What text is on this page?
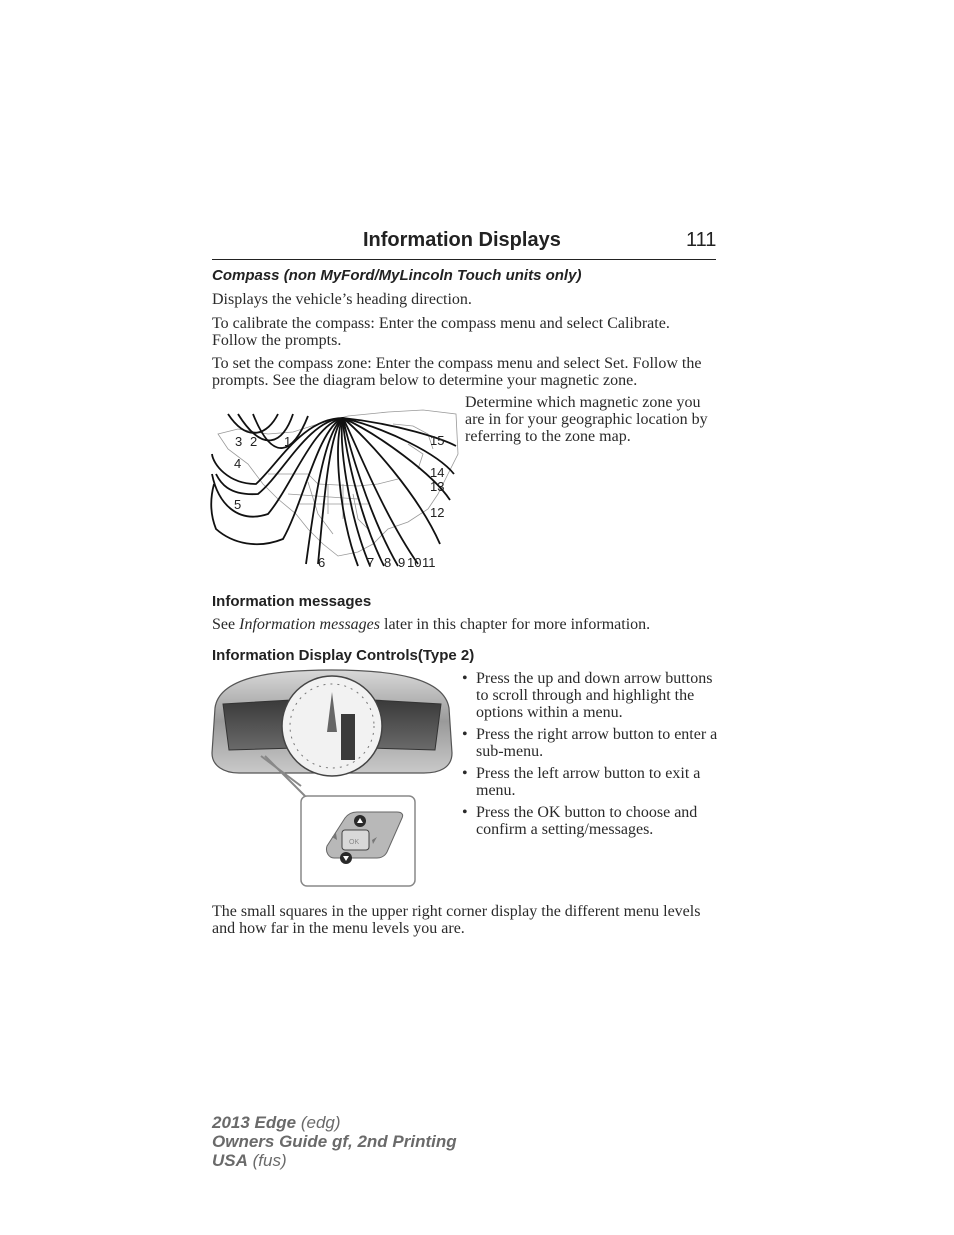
Information Displays	111
Compass (non MyFord/MyLincoln Touch units only)
Displays the vehicle’s heading direction.
To calibrate the compass: Enter the compass menu and select Calibrate. Follow the prompts.
To set the compass zone: Enter the compass menu and select Set. Follow the prompts. See the diagram below to determine your magnetic zone.
Determine which magnetic zone you are in for your geographic location by referring to the zone map.
3 2 1
4
5
6	7 8 9 10 11
12
13
14
15
Information messages
See Information messages later in this chapter for more information.
Information Display Controls(Type 2)
OK
• Press the up and down arrow buttons to scroll through and highlight the options within a menu.
• Press the right arrow button to enter a sub-menu.
• Press the left arrow button to exit a menu.
• Press the OK button to choose and confirm a setting/messages.
The small squares in the upper right corner display the different menu levels and how far in the menu levels you are.
2013 Edge (edg)
Owners Guide gf, 2nd Printing
USA (fus)
